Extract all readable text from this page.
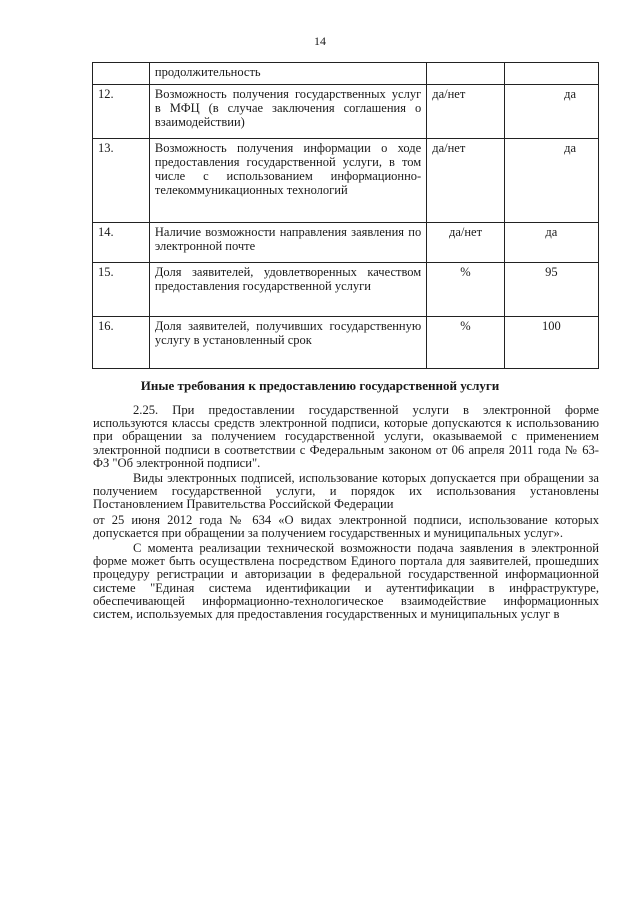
14
	продолжительность		
12.	Возможность получения государственных услуг в МФЦ (в случае заключения соглашения о взаимодействии)	да/нет	да
13.	Возможность получения информации о ходе предоставления государственной услуги, в том числе с использованием информационно-телекоммуникационных технологий	да/нет	да
14.	Наличие возможности направления заявления по электронной почте	да/нет	да
15.	Доля заявителей, удовлетворенных качеством предоставления государственной услуги	%	95
16.	Доля заявителей, получивших государственную услугу в установленный срок	%	100
Иные требования к предоставлению государственной услуги

2.25. При предоставлении государственной услуги в электронной форме используются классы средств электронной подписи, которые допускаются к использованию при обращении за получением государственной услуги, оказываемой с применением электронной подписи в соответствии с Федеральным законом от 06 апреля 2011 года № 63-ФЗ "Об электронной подписи".

Виды электронных подписей, использование которых допускается при обращении за получением государственной услуги, и порядок их использования установлены Постановлением Правительства Российской Федерации

от 25 июня 2012 года № 634 «О видах электронной подписи, использование которых допускается при обращении за получением государственных и муниципальных услуг».

С момента реализации технической возможности подача заявления в электронной форме может быть осуществлена посредством Единого портала для заявителей, прошедших процедуру регистрации и авторизации в федеральной государственной информационной системе "Единая система идентификации и аутентификации в инфраструктуре, обеспечивающей информационно-технологическое взаимодействие информационных систем, используемых для предоставления государственных и муниципальных услуг в
